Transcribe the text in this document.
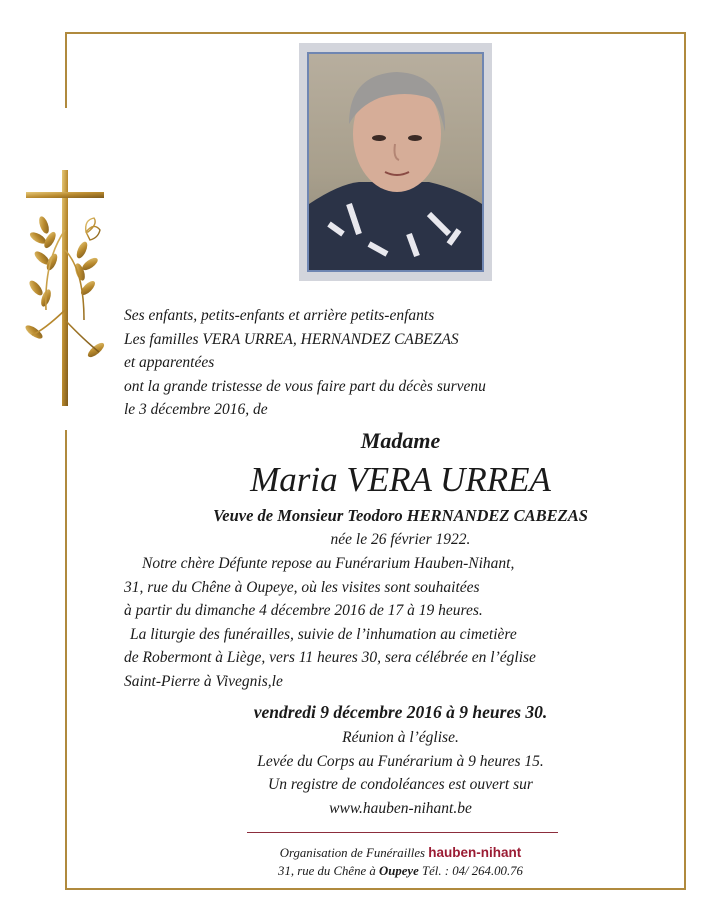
Ses enfants, petits-enfants et arrière petits-enfants
Les familles VERA URREA, HERNANDEZ CABEZAS
et apparentées
ont la grande tristesse de vous faire part du décès survenu
le 3 décembre 2016, de
Madame
Maria VERA URREA
Veuve de Monsieur Teodoro HERNANDEZ CABEZAS
née le 26 février 1922.
Notre chère Défunte repose au Funérarium Hauben-Nihant,
31, rue du Chêne à Oupeye, où les visites sont souhaitées
à partir du dimanche 4 décembre 2016 de 17 à 19 heures.
La liturgie des funérailles, suivie de l’inhumation au cimetière
de Robermont à Liège, vers 11 heures 30, sera célébrée en l’église
Saint-Pierre à Vivegnis,le
vendredi 9 décembre 2016 à 9 heures 30.
Réunion à l’église.
Levée du Corps au Funérarium à 9 heures 15.
Un registre de condoléances est ouvert sur
www.hauben-nihant.be
Organisation de Funérailles hauben-nihant
31, rue du Chêne à Oupeye Tél. : 04/ 264.00.76
